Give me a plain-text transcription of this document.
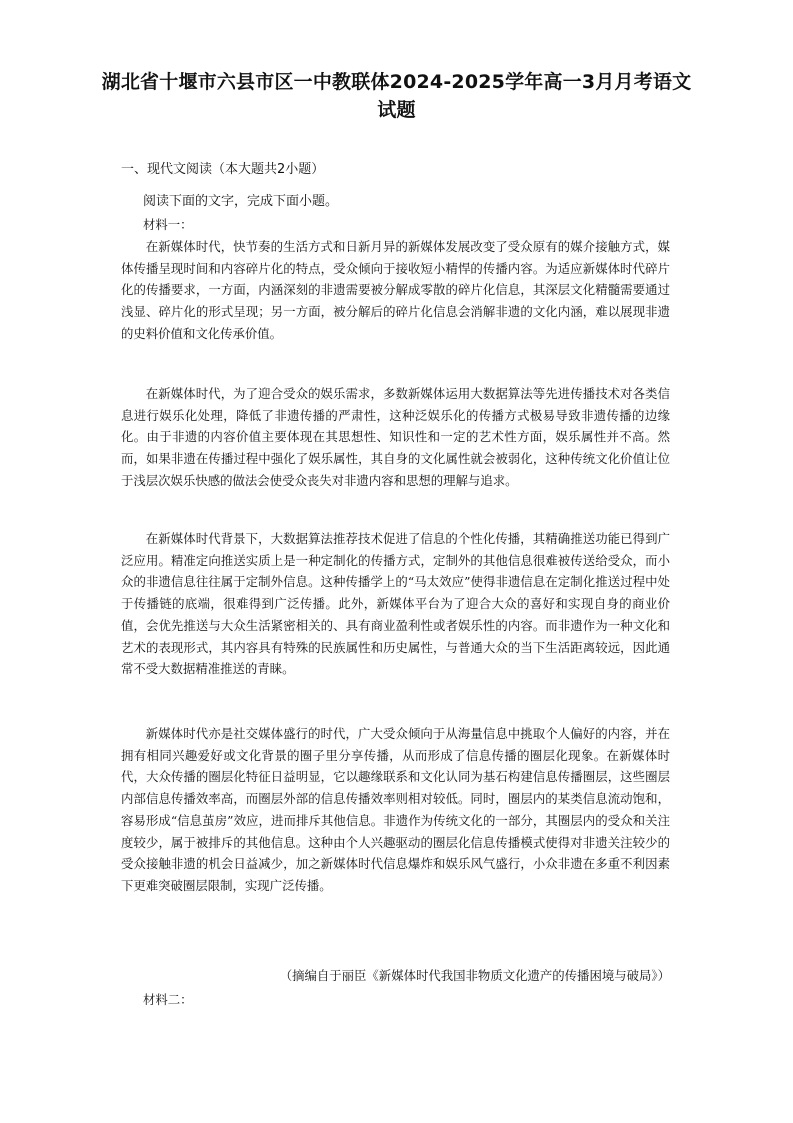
湖北省十堰市六县市区一中教联体2024-2025学年高一3月月考语文试题

一、现代文阅读（本大题共2小题）

阅读下面的文字，完成下面小题。

材料一：

在新媒体时代，快节奏的生活方式和日新月异的新媒体发展改变了受众原有的媒介接触方式，媒体传播呈现时间和内容碎片化的特点，受众倾向于接收短小精悍的传播内容。为适应新媒体时代碎片化的传播要求，一方面，内涵深刻的非遗需要被分解成零散的碎片化信息，其深层文化精髓需要通过浅显、碎片化的形式呈现；另一方面，被分解后的碎片化信息会消解非遗的文化内涵，难以展现非遗的史料价值和文化传承价值。

在新媒体时代，为了迎合受众的娱乐需求，多数新媒体运用大数据算法等先进传播技术对各类信息进行娱乐化处理，降低了非遗传播的严肃性，这种泛娱乐化的传播方式极易导致非遗传播的边缘化。由于非遗的内容价值主要体现在其思想性、知识性和一定的艺术性方面，娱乐属性并不高。然而，如果非遗在传播过程中强化了娱乐属性，其自身的文化属性就会被弱化，这种传统文化价值让位于浅层次娱乐快感的做法会使受众丧失对非遗内容和思想的理解与追求。

在新媒体时代背景下，大数据算法推荐技术促进了信息的个性化传播，其精确推送功能已得到广泛应用。精准定向推送实质上是一种定制化的传播方式，定制外的其他信息很难被传送给受众，而小众的非遗信息往往属于定制外信息。这种传播学上的“马太效应”使得非遗信息在定制化推送过程中处于传播链的底端，很难得到广泛传播。此外，新媒体平台为了迎合大众的喜好和实现自身的商业价值，会优先推送与大众生活紧密相关的、具有商业盈利性或者娱乐性的内容。而非遗作为一种文化和艺术的表现形式，其内容具有特殊的民族属性和历史属性，与普通大众的当下生活距离较远，因此通常不受大数据精准推送的青睐。

新媒体时代亦是社交媒体盛行的时代，广大受众倾向于从海量信息中挑取个人偏好的内容，并在拥有相同兴趣爱好或文化背景的圈子里分享传播，从而形成了信息传播的圈层化现象。在新媒体时代，大众传播的圈层化特征日益明显，它以趣缘联系和文化认同为基石构建信息传播圈层，这些圈层内部信息传播效率高，而圈层外部的信息传播效率则相对较低。同时，圈层内的某类信息流动饱和，容易形成“信息茧房”效应，进而排斥其他信息。非遗作为传统文化的一部分，其圈层内的受众和关注度较少，属于被排斥的其他信息。这种由个人兴趣驱动的圈层化信息传播模式使得对非遗关注较少的受众接触非遗的机会日益减少，加之新媒体时代信息爆炸和娱乐风气盛行，小众非遗在多重不利因素下更难突破圈层限制，实现广泛传播。

（摘编自于丽臣《新媒体时代我国非物质文化遗产的传播困境与破局》）

材料二：
